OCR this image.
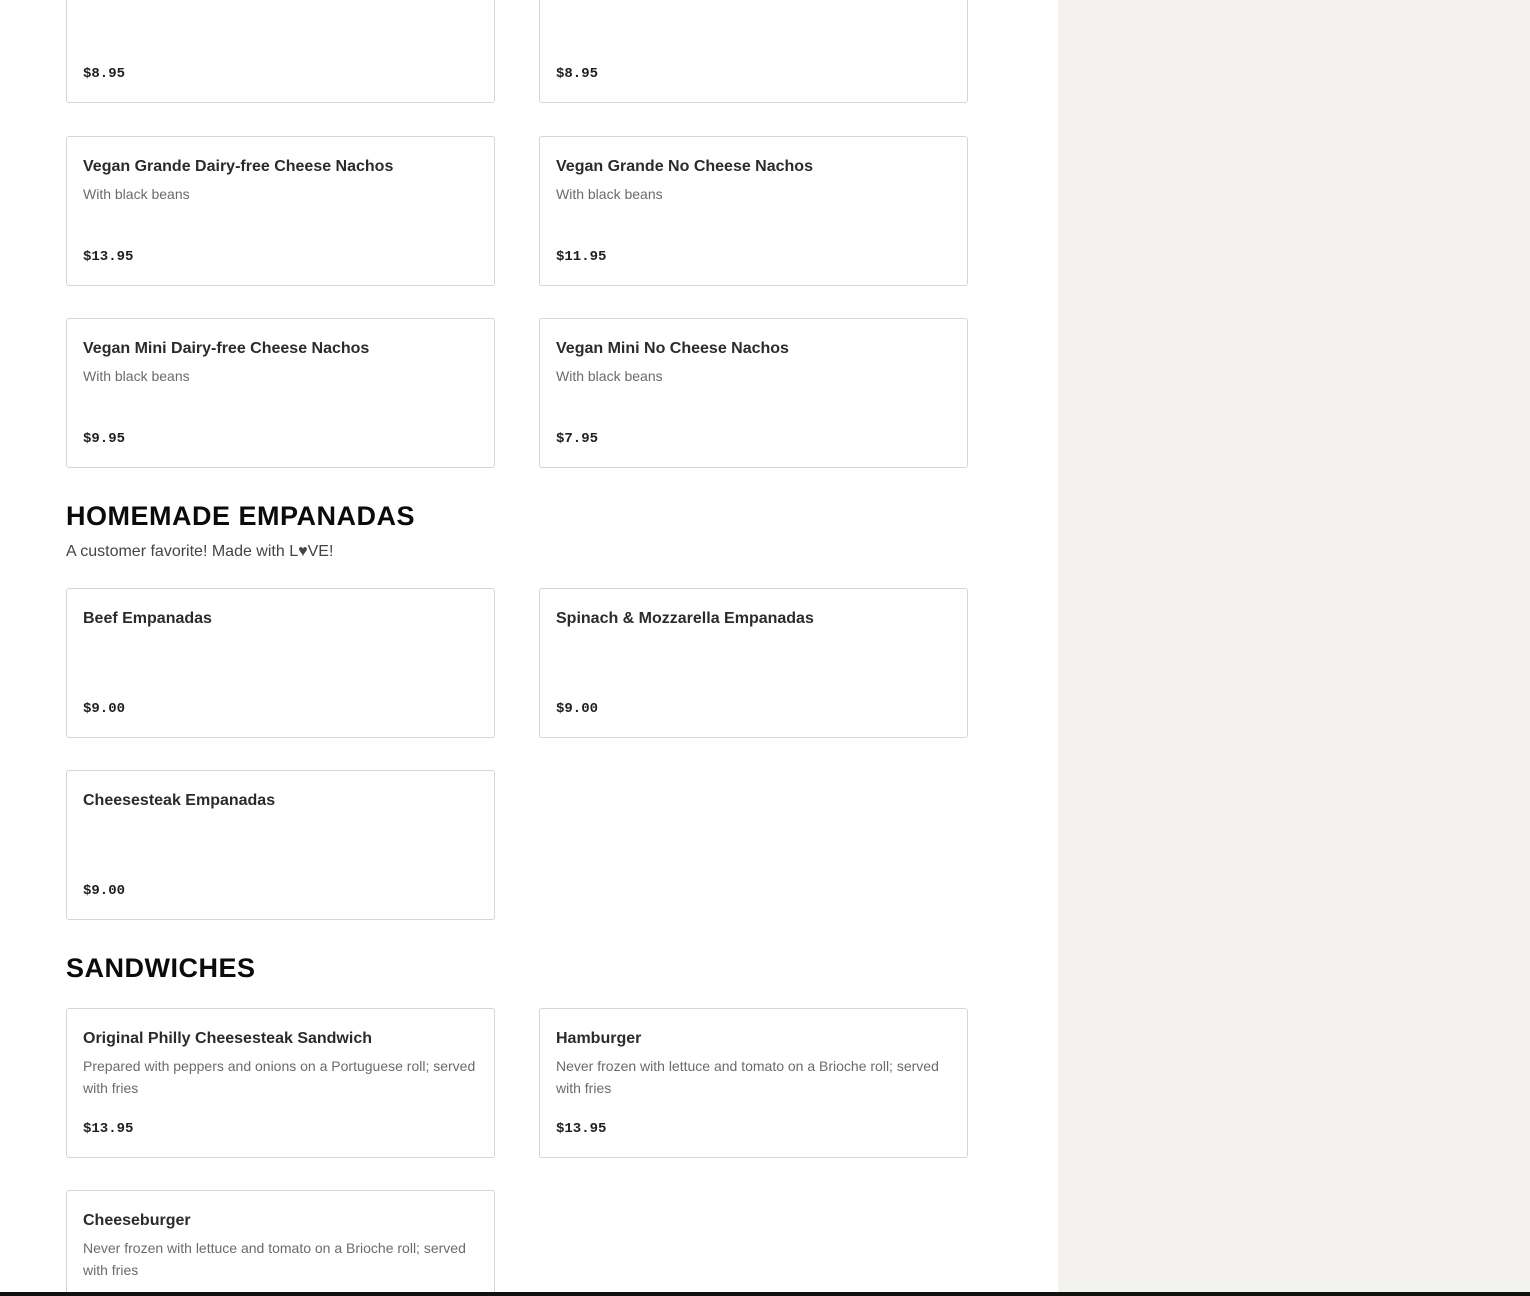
$8.95	$8.95
Vegan Grande Dairy-free Cheese Nachos
With black beans
$13.95
Vegan Grande No Cheese Nachos
With black beans
$11.95
Vegan Mini Dairy-free Cheese Nachos
With black beans
$9.95
Vegan Mini No Cheese Nachos
With black beans
$7.95
HOMEMADE EMPANADAS
A customer favorite! Made with L♥VE!
Beef Empanadas
$9.00
Spinach & Mozzarella Empanadas
$9.00
Cheesesteak Empanadas
$9.00
SANDWICHES
Original Philly Cheesesteak Sandwich
Prepared with peppers and onions on a Portuguese roll; served with fries
$13.95
Hamburger
Never frozen with lettuce and tomato on a Brioche roll; served with fries
$13.95
Cheeseburger
Never frozen with lettuce and tomato on a Brioche roll; served with fries
